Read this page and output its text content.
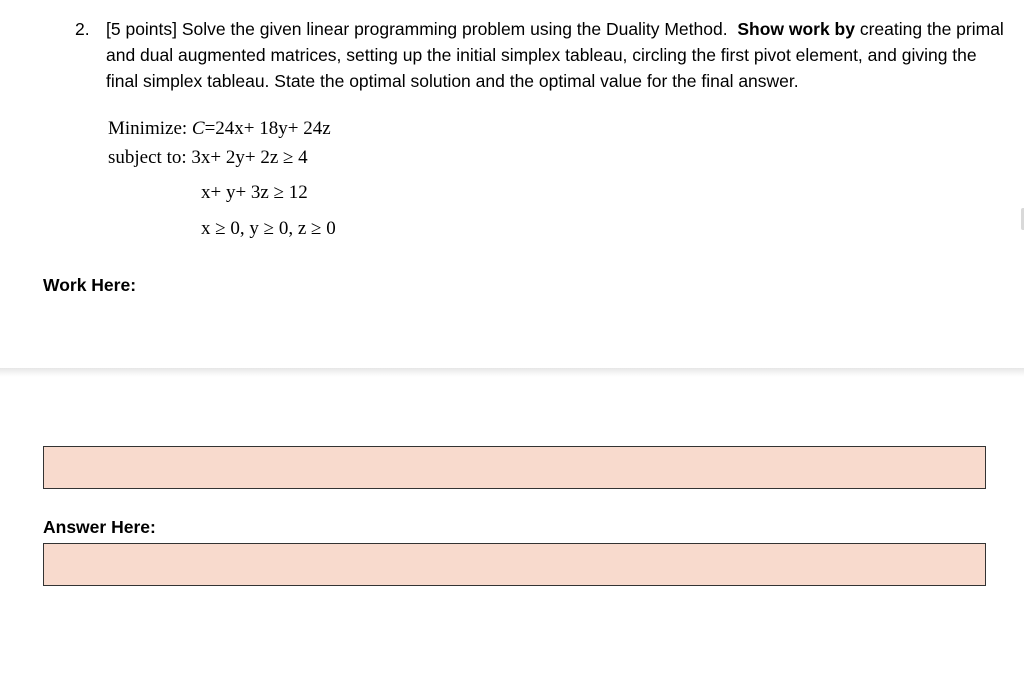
2. [5 points] Solve the given linear programming problem using the Duality Method. Show work by creating the primal and dual augmented matrices, setting up the initial simplex tableau, circling the first pivot element, and giving the final simplex tableau. State the optimal solution and the optimal value for the final answer.
Minimize: C=24x+ 18y+ 24z
subject to: 3x+ 2y+ 2z ≥ 4
x+ y+ 3z ≥ 12
x ≥ 0, y ≥ 0, z ≥ 0
Work Here:
Answer Here:
